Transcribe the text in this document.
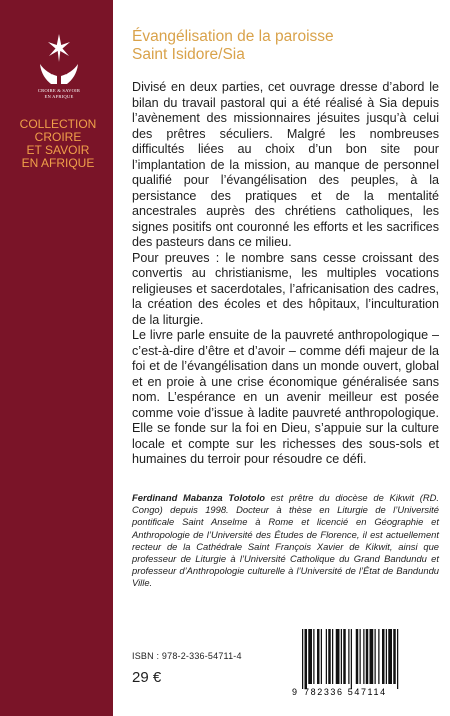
CROIRE & SAVOIR
EN AFRIQUE
COLLECTION
CROIRE
ET SAVOIR
EN AFRIQUE
Évangélisation de la paroisse
Saint Isidore/Sia

Divisé en deux parties, cet ouvrage dresse d’abord le bilan du travail pastoral qui a été réalisé à Sia depuis l’avènement des missionnaires jésuites jusqu’à celui des prêtres séculiers. Malgré les nombreuses difficultés liées au choix d’un bon site pour l’implantation de la mission, au manque de personnel qualifié pour l’évangélisation des peuples, à la persistance des pratiques et de la mentalité ancestrales auprès des chrétiens catholiques, les signes positifs ont couronné les efforts et les sacrifices des pasteurs dans ce milieu.

Pour preuves : le nombre sans cesse croissant des convertis au christianisme, les multiples vocations religieuses et sacerdotales, l’africanisation des cadres, la création des écoles et des hôpitaux, l’inculturation de la liturgie.

Le livre parle ensuite de la pauvreté anthropologique – c’est-à-dire d’être et d’avoir – comme défi majeur de la foi et de l’évangélisation dans un monde ouvert, global et en proie à une crise économique généralisée sans nom. L’espérance en un avenir meilleur est posée comme voie d’issue à ladite pauvreté anthropologique. Elle se fonde sur la foi en Dieu, s’appuie sur la culture locale et compte sur les richesses des sous-sols et humaines du terroir pour résoudre ce défi.

Ferdinand Mabanza Tolotolo est prêtre du diocèse de Kikwit (RD. Congo) depuis 1998. Docteur à thèse en Liturgie de l’Université pontificale Saint Anselme à Rome et licencié en Géographie et Anthropologie de l’Université des Études de Florence, il est actuellement recteur de la Cathédrale Saint François Xavier de Kikwit, ainsi que professeur de Liturgie à l’Université Catholique du Grand Bandundu et professeur d’Anthropologie culturelle à l’Université de l’État de Bandundu Ville.
ISBN : 978-2-336-54711-4
29 €
9 782336 547114
